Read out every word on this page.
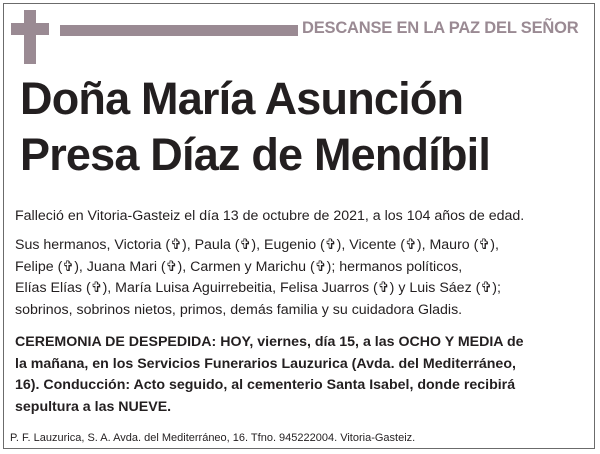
DESCANSE EN LA PAZ DEL SEÑOR
Doña María Asunción
Presa Díaz de Mendíbil
Falleció en Vitoria-Gasteiz el día 13 de octubre de 2021, a los 104 años de edad.
Sus hermanos, Victoria (✞), Paula (✞), Eugenio (✞), Vicente (✞), Mauro (✞),
Felipe (✞), Juana Mari (✞), Carmen y Marichu (✞); hermanos políticos,
Elías Elías (✞), María Luisa Aguirrebeitia, Felisa Juarros (✞) y Luis Sáez (✞);
sobrinos, sobrinos nietos, primos, demás familia y su cuidadora Gladis.
CEREMONIA DE DESPEDIDA: HOY, viernes, día 15, a las OCHO Y MEDIA de
la mañana, en los Servicios Funerarios Lauzurica (Avda. del Mediterráneo,
16). Conducción: Acto seguido, al cementerio Santa Isabel, donde recibirá
sepultura a las NUEVE.
P. F. Lauzurica, S. A. Avda. del Mediterráneo, 16. Tfno. 945222004. Vitoria-Gasteiz.
